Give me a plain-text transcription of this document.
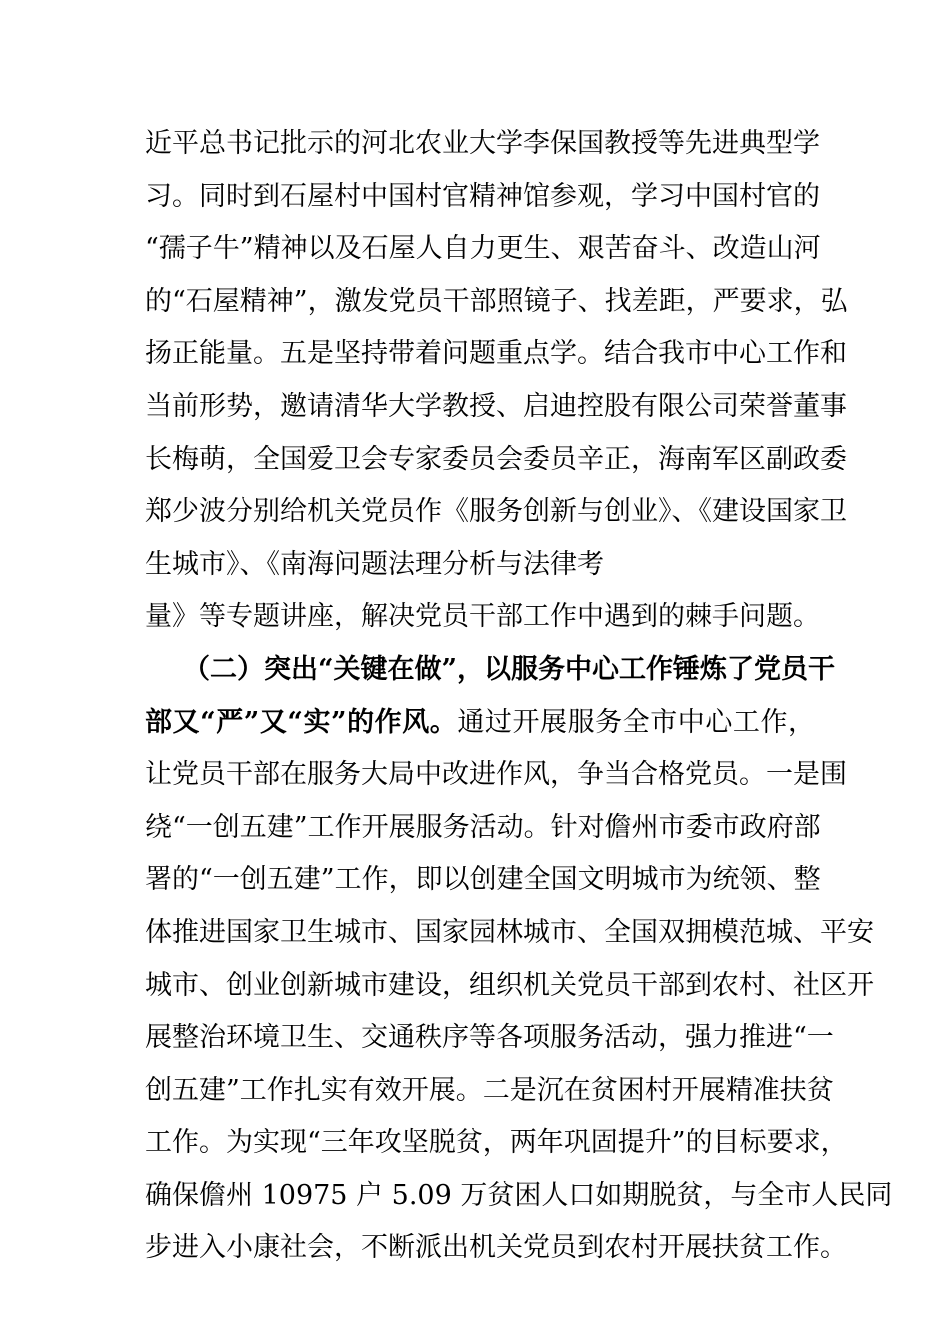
近平总书记批示的河北农业大学李保国教授等先进典型学
习。同时到石屋村中国村官精神馆参观，学习中国村官的
“孺子牛”精神以及石屋人自力更生、艰苦奋斗、改造山河
的“石屋精神”，激发党员干部照镜子、找差距，严要求，弘
扬正能量。五是坚持带着问题重点学。结合我市中心工作和
当前形势，邀请清华大学教授、启迪控股有限公司荣誉董事
长梅萌，全国爱卫会专家委员会委员辛正，海南军区副政委
郑少波分别给机关党员作《服务创新与创业》、《建设国家卫
生城市》、《南海问题法理分析与法律考
量》等专题讲座，解决党员干部工作中遇到的棘手问题。
（二）突出“关键在做”，以服务中心工作锤炼了党员干
部又“严”又“实”的作风。通过开展服务全市中心工作，
让党员干部在服务大局中改进作风，争当合格党员。一是围
绕“一创五建”工作开展服务活动。针对儋州市委市政府部
署的“一创五建”工作，即以创建全国文明城市为统领、整
体推进国家卫生城市、国家园林城市、全国双拥模范城、平安
城市、创业创新城市建设，组织机关党员干部到农村、社区开
展整治环境卫生、交通秩序等各项服务活动，强力推进“一
创五建”工作扎实有效开展。二是沉在贫困村开展精准扶贫
工作。为实现“三年攻坚脱贫，两年巩固提升”的目标要求，
确保儋州 10975 户 5.09 万贫困人口如期脱贫，与全市人民同
步进入小康社会，不断派出机关党员到农村开展扶贫工作。
